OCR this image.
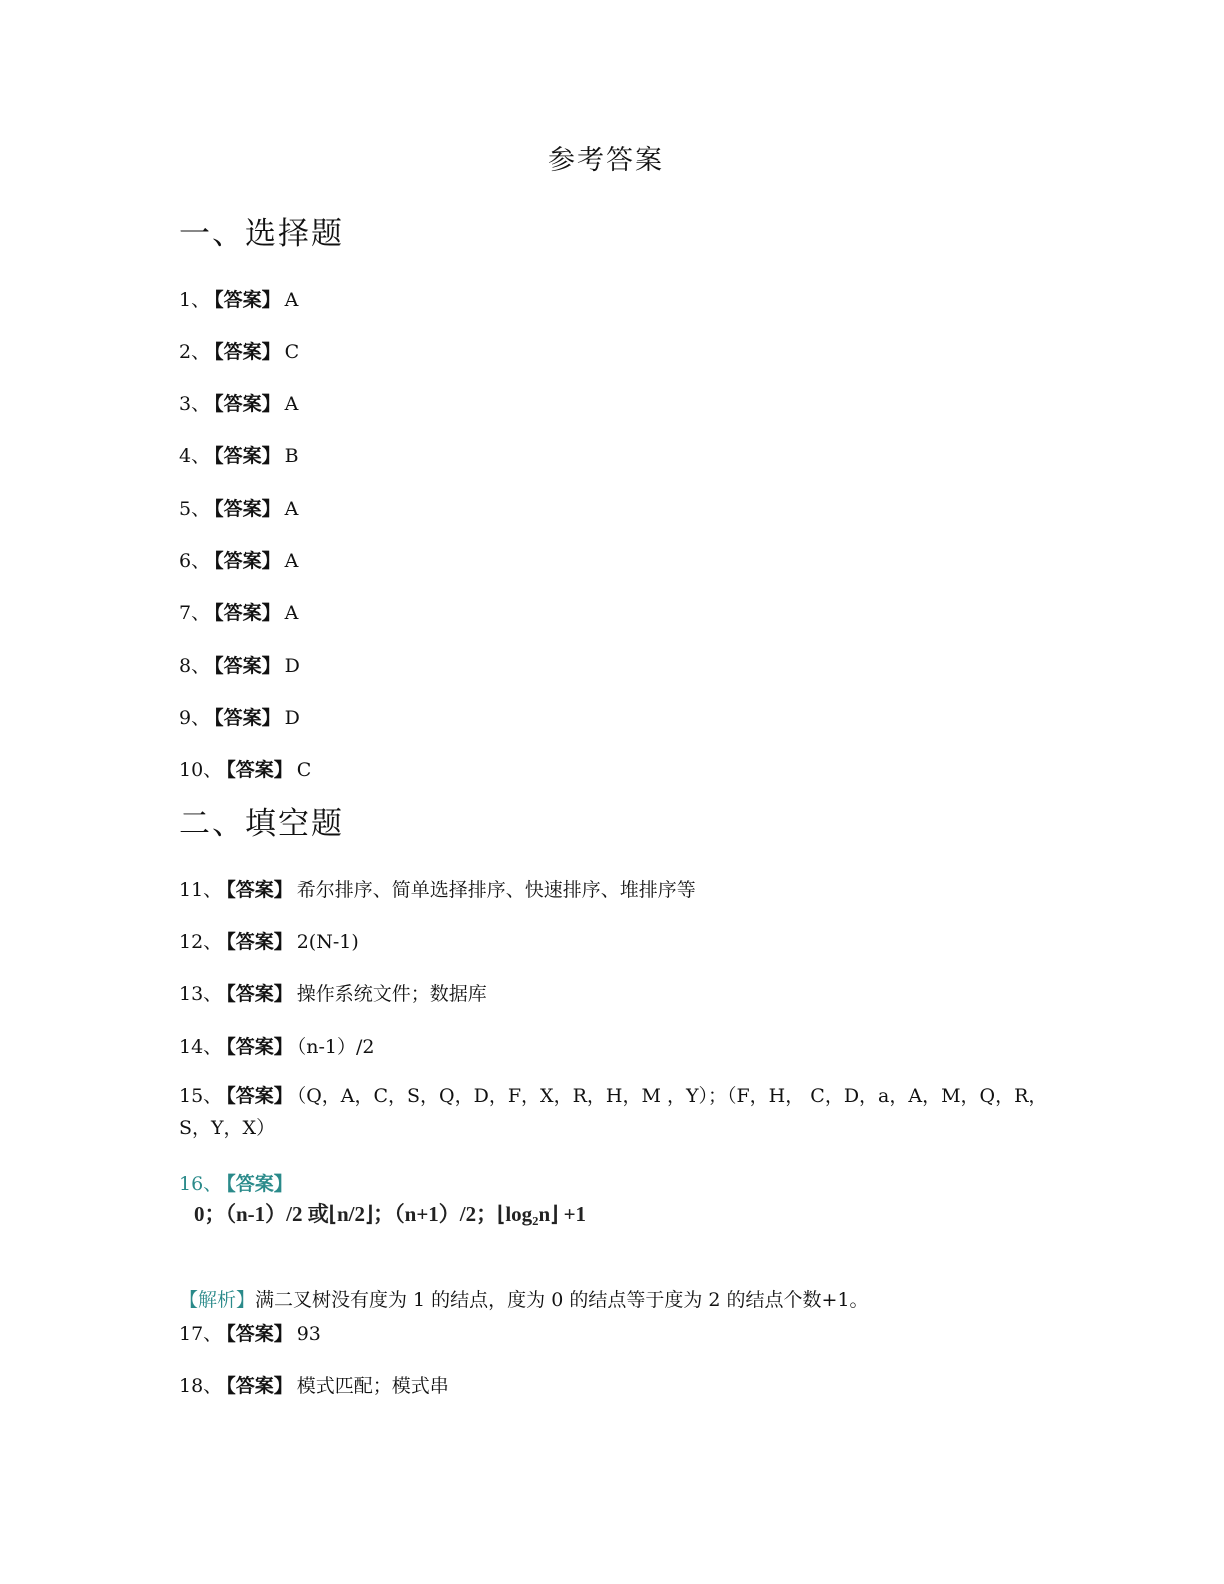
参考答案
一、选择题
1、 【答案】 A
2、 【答案】 C
3、 【答案】 A
4、 【答案】 B
5、 【答案】 A
6、 【答案】 A
7、 【答案】 A
8、 【答案】 D
9、 【答案】 D
10、 【答案】 C
二、填空题
11、 【答案】 希尔排序、简单选择排序、快速排序、堆排序等
12、 【答案】 2(N-1)
13、 【答案】 操作系统文件；数据库
14、 【答案】 （n-1）/2
15、 【答案】 （Q，A，C，S，Q，D，F，X，R，H，M ，Y）；（F，H， C，D，a，A，M，Q，R，S，Y，X）
16、 【答案】
0；（n-1）/2 或⌊n/2⌋；（n+1）/2；⌊log₂n⌋ +1
【解析】满二叉树没有度为 1 的结点，度为 0 的结点等于度为 2 的结点个数+1。
17、 【答案】 93
18、 【答案】 模式匹配；模式串
